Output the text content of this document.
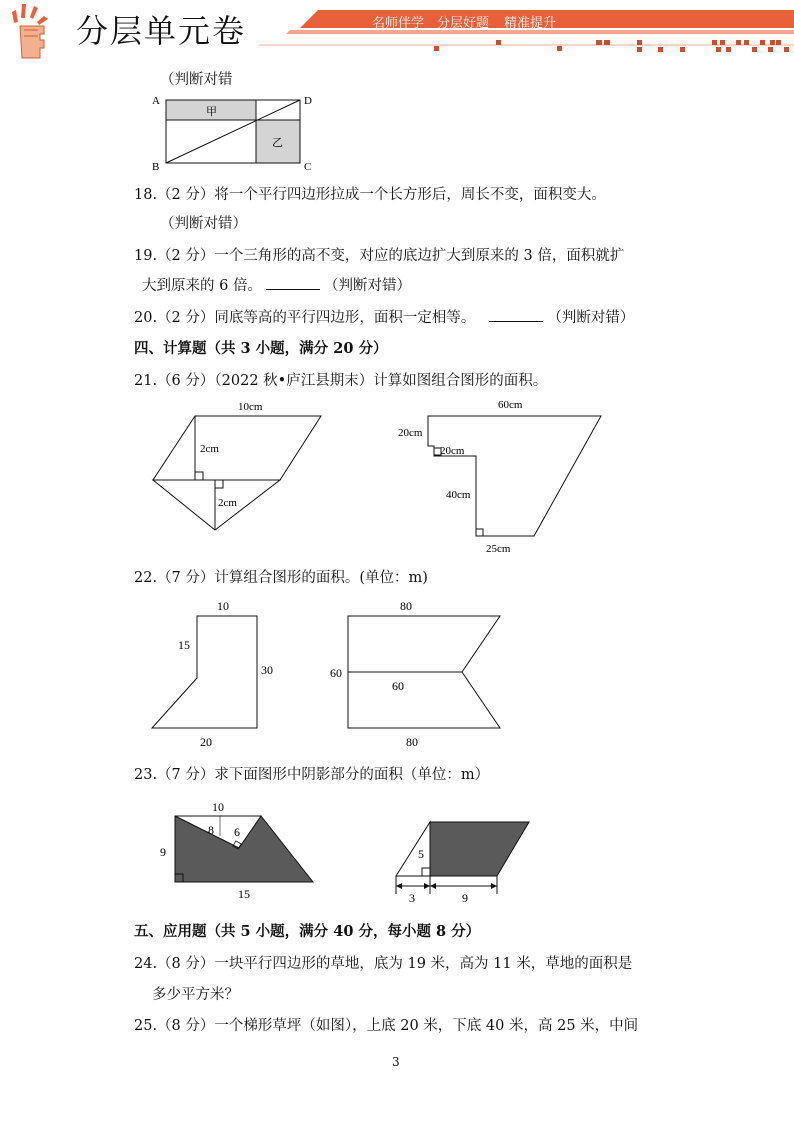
分层单元卷	名师伴学 分层好题 精准提升
（判断对错
A
B	C
D
甲
乙
18.（2 分）将一个平行四边形拉成一个长方形后，周长不变，面积变大。
（判断对错）
19.（2 分）一个三角形的高不变，对应的底边扩大到原来的 3 倍，面积就扩
大到原来的 6 倍。	（判断对错）
20.（2 分）同底等高的平行四边形，面积一定相等。	（判断对错）
四、计算题（共 3 小题，满分 20 分）
21.（6 分）（2022 秋•庐江县期末）计算如图组合图形的面积。
10cm
2cm
2cm
60cm
20cm
20cm
40cm
25cm
22.（7 分）计算组合图形的面积。(单位：m)
10
15
30
20
80
60
60
80
23.（7 分）求下面图形中阴影部分的面积（单位：m）
10
8 6
9
15
5
3	9
五、应用题（共 5 小题，满分 40 分，每小题 8 分）
24.（8 分）一块平行四边形的草地，底为 19 米，高为 11 米，草地的面积是
多少平方米？
25.（8 分）一个梯形草坪（如图），上底 20 米，下底 40 米，高 25 米，中间
3
